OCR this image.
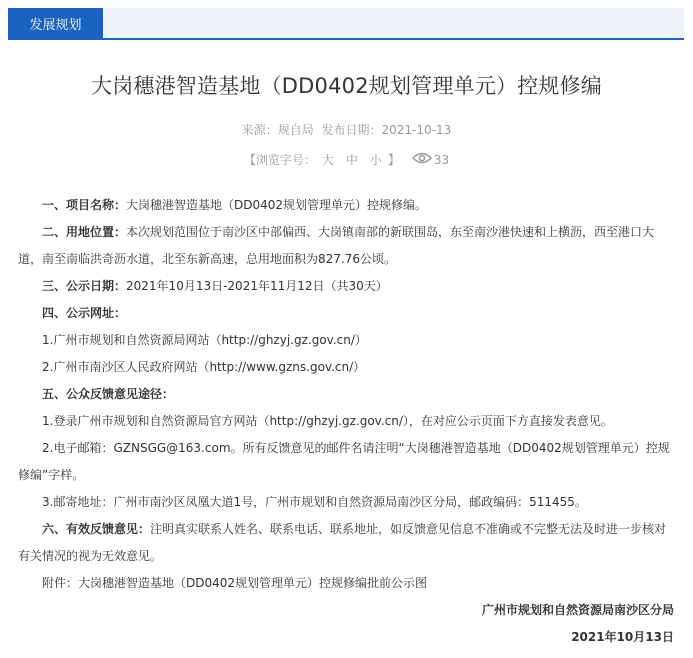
发展规划
大岗穗港智造基地（DD0402规划管理单元）控规修编
来源：规自局 发布日期：2021-10-13
【浏览字号： 大 中 小 】	33

一、项目名称：大岗穗港智造基地（DD0402规划管理单元）控规修编。

二、用地位置：本次规划范围位于南沙区中部偏西、大岗镇南部的新联围岛，东至南沙港快速和上横沥，西至港口大道，南至南临洪奇沥水道，北至东新高速，总用地面积为827.76公顷。

三、公示日期：2021年10月13日-2021年11月12日（共30天）

四、公示网址：

1.广州市规划和自然资源局网站（http://ghzyj.gz.gov.cn/）

2.广州市南沙区人民政府网站（http://www.gzns.gov.cn/）

五、公众反馈意见途径：

1.登录广州市规划和自然资源局官方网站（http://ghzyj.gz.gov.cn/），在对应公示页面下方直接发表意见。

2.电子邮箱：GZNSGG@163.com。所有反馈意见的邮件名请注明“大岗穗港智造基地（DD0402规划管理单元）控规修编”字样。

3.邮寄地址：广州市南沙区凤凰大道1号，广州市规划和自然资源局南沙区分局，邮政编码：511455。

六、有效反馈意见：注明真实联系人姓名、联系电话、联系地址，如反馈意见信息不准确或不完整无法及时进一步核对有关情况的视为无效意见。

附件：大岗穗港智造基地（DD0402规划管理单元）控规修编批前公示图

广州市规划和自然资源局南沙区分局

2021年10月13日
